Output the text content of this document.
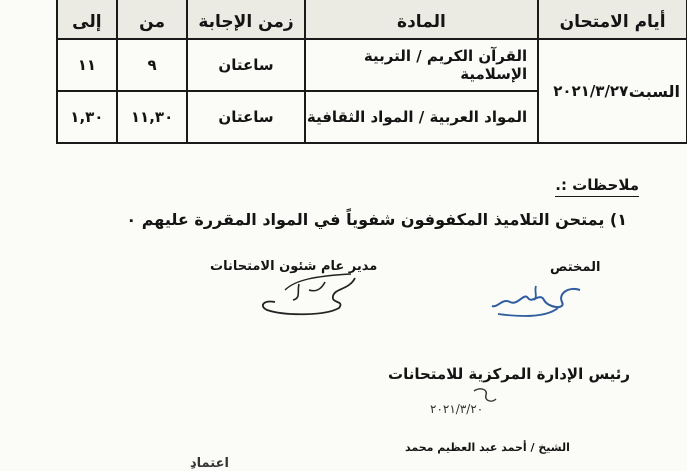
أيام الامتحان	المادة	زمن الإجابة	من	إلى

السبت
٢٠٢١/٣/٢٧	القرآن الكريم / التربية الإسلامية	ساعتان	٩	١١
	المواد العربية / المواد الثقافية	ساعتان	١١,٣٠	١,٣٠
ملاحظات :.
١) يمتحن التلاميذ المكفوفون شفوياً في المواد المقررة عليهم ٠
المختص
مدير عام شئون الامتحانات
رئيس الإدارة المركزية للامتحانات
٢٠٢١/٣/٢٠
الشيخ / أحمد عبد العظيم محمد
ِاعتماد
